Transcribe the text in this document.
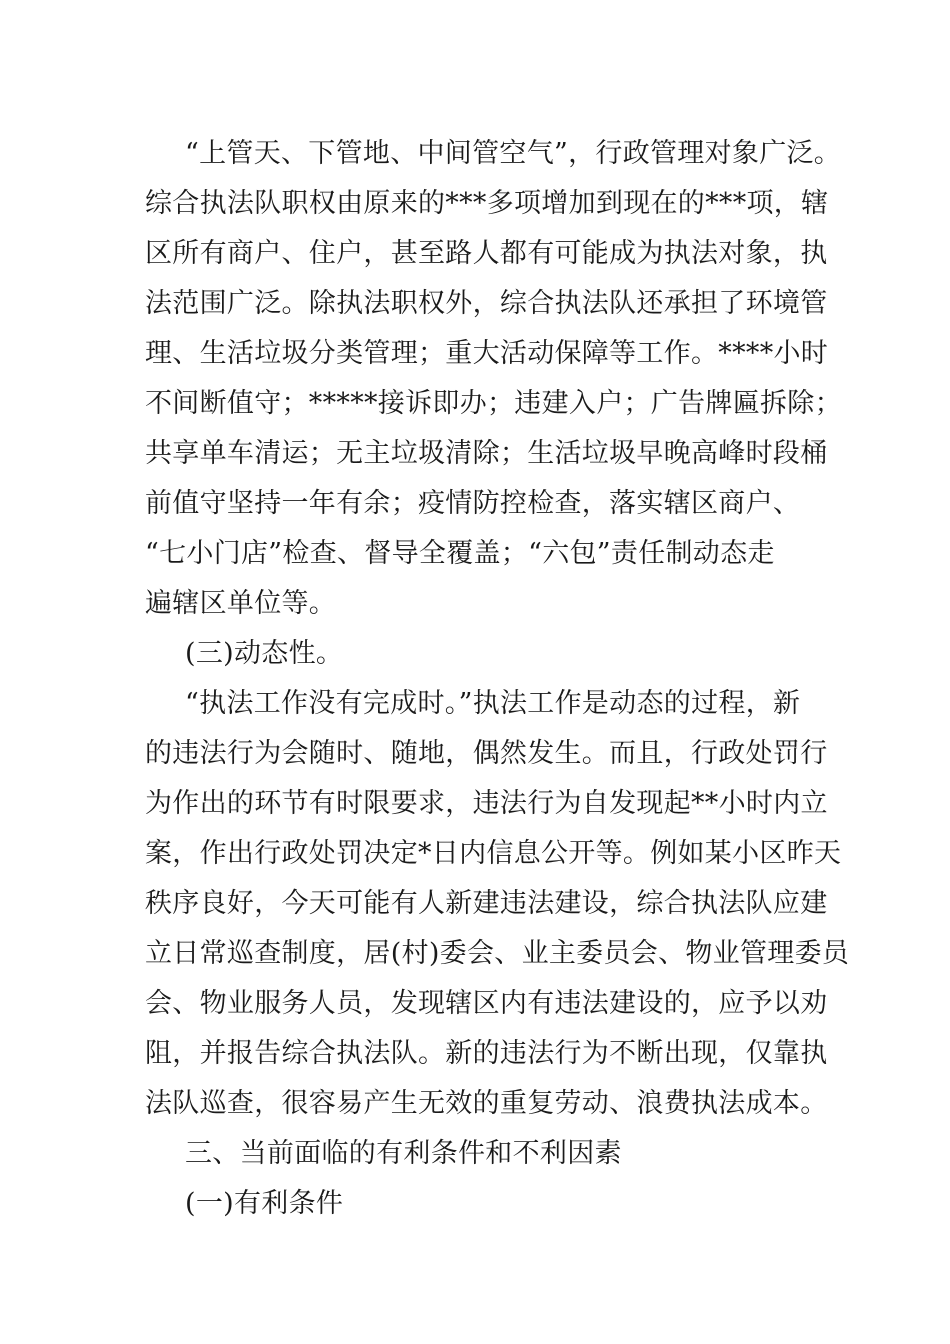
“上管天、下管地、中间管空气”，行政管理对象广泛。
综合执法队职权由原来的***多项增加到现在的***项，辖
区所有商户、住户，甚至路人都有可能成为执法对象，执
法范围广泛。除执法职权外，综合执法队还承担了环境管
理、生活垃圾分类管理；重大活动保障等工作。****小时
不间断值守；*****接诉即办；违建入户；广告牌匾拆除；
共享单车清运；无主垃圾清除；生活垃圾早晚高峰时段桶
前值守坚持一年有余；疫情防控检查，落实辖区商户、
“七小门店”检查、督导全覆盖；“六包”责任制动态走
遍辖区单位等。
(三)动态性。
“执法工作没有完成时。”执法工作是动态的过程，新
的违法行为会随时、随地，偶然发生。而且，行政处罚行
为作出的环节有时限要求，违法行为自发现起**小时内立
案，作出行政处罚决定*日内信息公开等。例如某小区昨天
秩序良好，今天可能有人新建违法建设，综合执法队应建
立日常巡查制度，居(村)委会、业主委员会、物业管理委员
会、物业服务人员，发现辖区内有违法建设的，应予以劝
阻，并报告综合执法队。新的违法行为不断出现，仅靠执
法队巡查，很容易产生无效的重复劳动、浪费执法成本。
三、当前面临的有利条件和不利因素
(一)有利条件
